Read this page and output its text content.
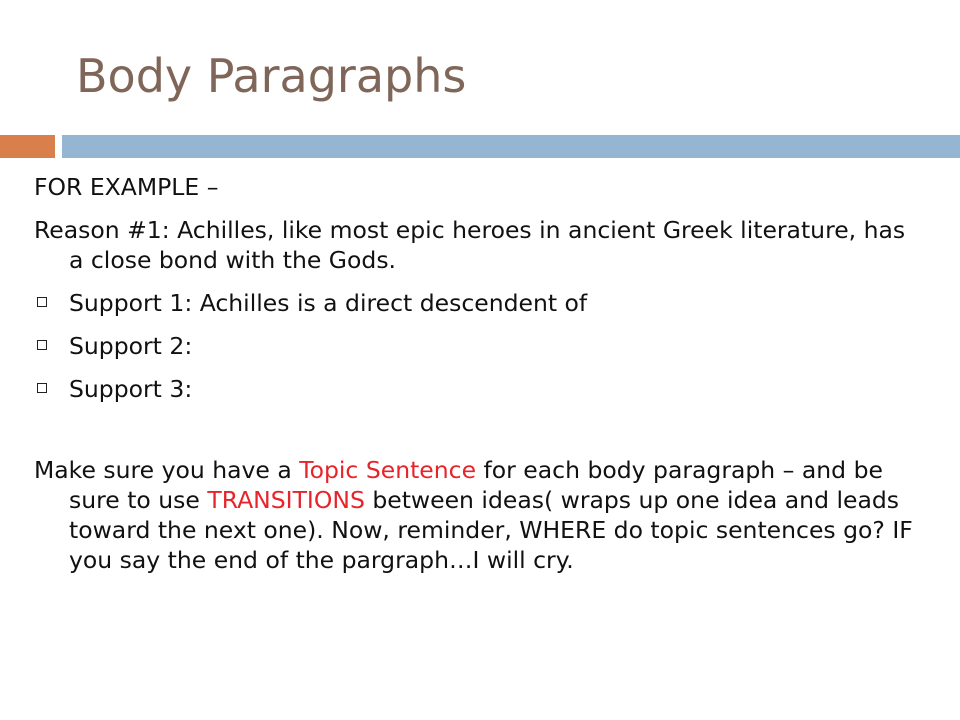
Body Paragraphs

FOR EXAMPLE –

Reason #1: Achilles, like most epic heroes in ancient Greek literature, has a close bond with the Gods.

Support 1: Achilles is a direct descendent of
Support 2:
Support 3:

Make sure you have a Topic Sentence for each body paragraph – and be sure to use TRANSITIONS between ideas( wraps up one idea and leads toward the next one). Now, reminder, WHERE do topic sentences go? IF you say the end of the pargraph…I will cry.
